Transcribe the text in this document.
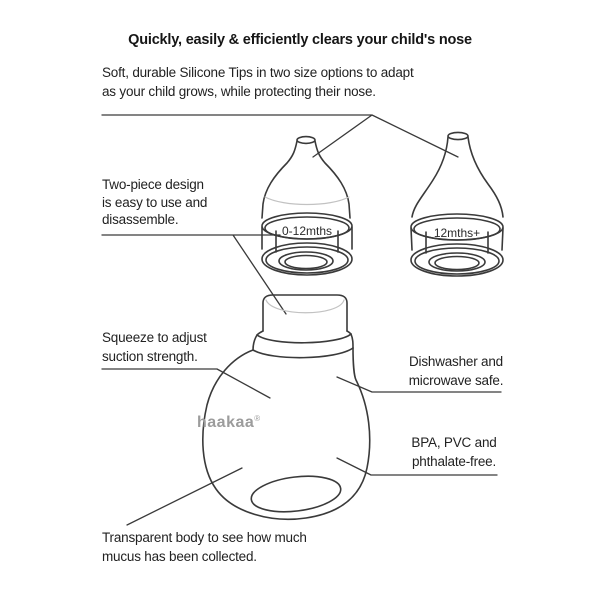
Quickly, easily & efficiently clears your child's nose
Soft, durable Silicone Tips in two size options to adapt
as your child grows, while protecting their nose.
Two-piece design
is easy to use and
disassemble.
Squeeze to adjust
suction strength.	Dishwasher and
microwave safe.
BPA, PVC and
phthalate-free.
Transparent body to see how much
mucus has been collected.
0-12mths	12mths+
haakaa®
